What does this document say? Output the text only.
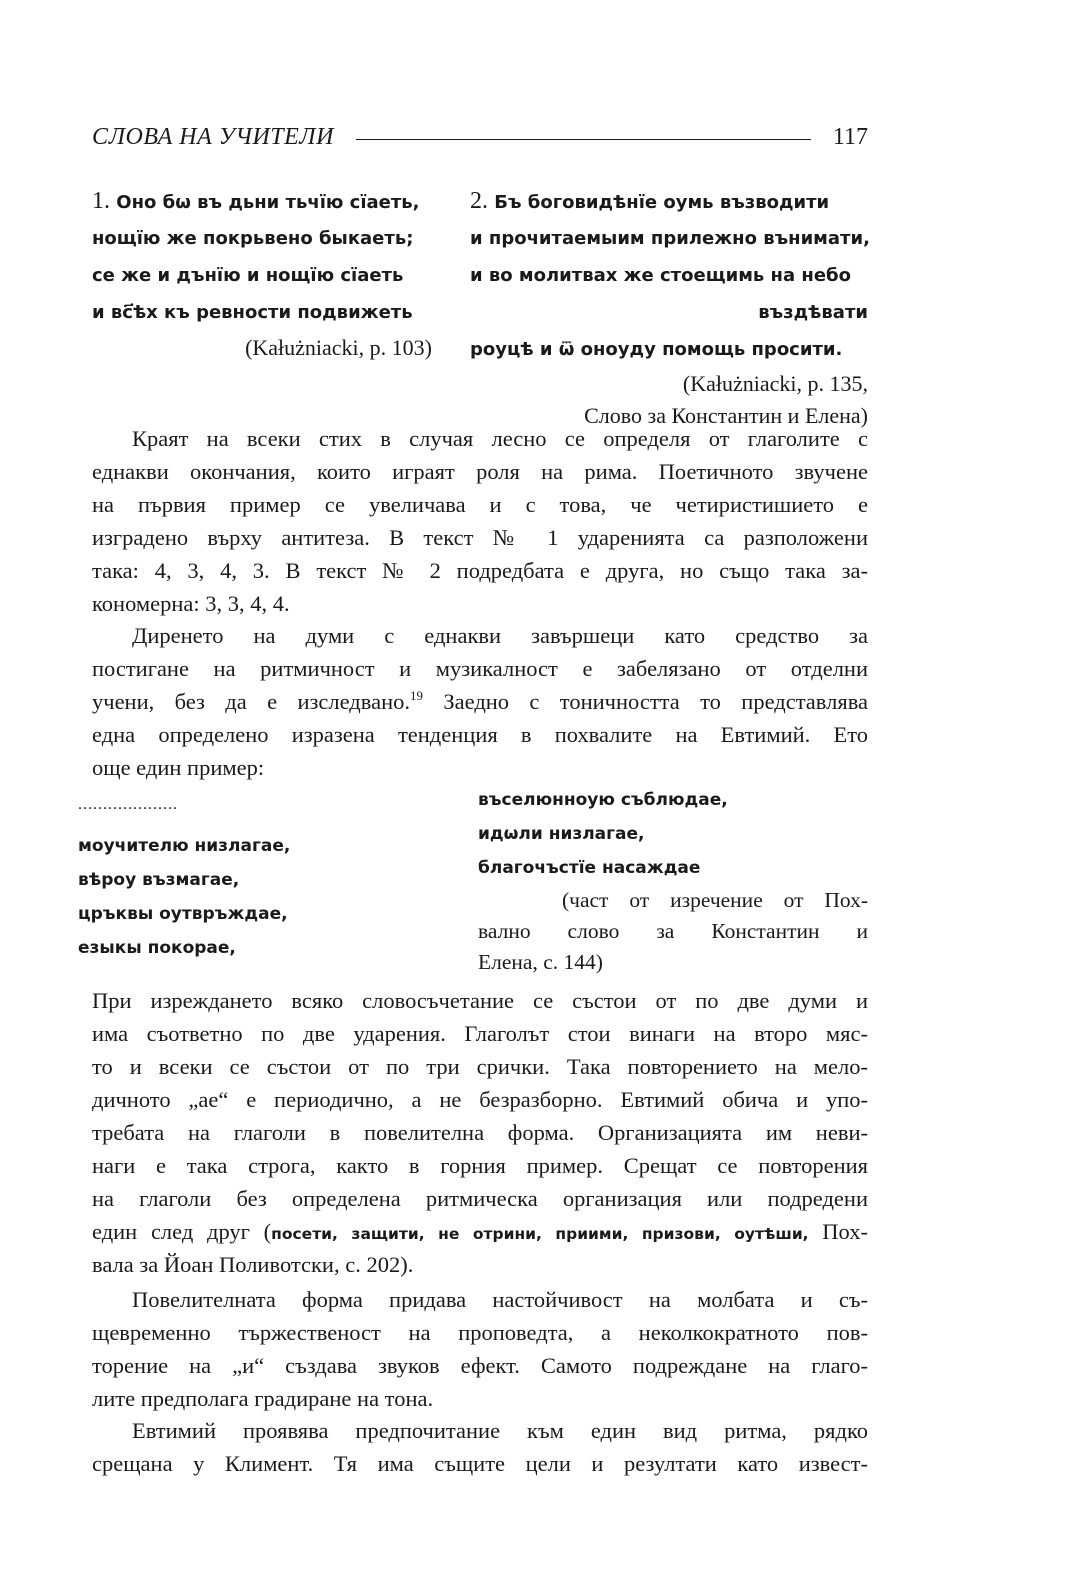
СЛОВА НА УЧИТЕЛИ	117
1. Оно бѡ въ дьни тьчїю сїаеть,
нощїю же покрьвено быкаеть;
се же и дънїю и нощїю сїаеть
и вс҃ѣх къ ревности подвижеть
(Kałużniacki, p. 103)
2. Бъ боговидѣнїе оумь възводити
и прочитаемыим прилежно вънимати,
и во молитвах же стоещимь на небо
въздѣвати
роуцѣ и ѿ оноуду помощь просити.
(Kałużniacki, p. 135,
Слово за Константин и Елена)
Краят на всеки стих в случая лесно се определя от глаголите с
еднакви окончания, които играят роля на рима. Поетичното звучене
на първия пример се увеличава и с това, че четиристишието е
изградено върху антитеза. В текст № 1 ударенията са разположени
така: 4, 3, 4, 3. В текст № 2 подредбата е друга, но също така за-
кономерна: 3, 3, 4, 4.
Диренето на думи с еднакви завършеци като средство за
постигане на ритмичност и музикалност е забелязано от отделни
учени, без да е изследвано.$^{19}$ Заедно с тоничността то представлява
една определено изразена тенденция в похвалите на Евтимий. Ето
още един пример:
....................
моучителю низлагае,
вѣроу възмагае,
цръквы оутвръждае,
езыкы покорае,
въселюнноую съблюдае,
идѡли низлагае,
благочъстїе насаждае
(част от изречение от Пох-
вално слово за Константин и
Елена, с. 144)
При изреждането всяко словосъчетание се състои от по две думи и
има съответно по две ударения. Глаголът стои винаги на второ мяс-
то и всеки се състои от по три срички. Така повторението на мело-
дичното „ае“ е периодично, а не безразборно. Евтимий обича и упо-
требата на глаголи в повелителна форма. Организацията им неви-
наги е така строга, както в горния пример. Срещат се повторения
на глаголи без определена ритмическа организация или подредени
един след друг (посети, защити, не отрини, приими, призови, оутѣши, Пох-
вала за Йоан Поливотски, с. 202).
Повелителната форма придава настойчивост на молбата и съ-
щевременно тържественост на проповедта, а неколкократното пов-
торение на „и“ създава звуков ефект. Самото подреждане на глаго-
лите предполага градиране на тона.
Евтимий проявява предпочитание към един вид ритма, рядко
срещана у Климент. Тя има същите цели и резултати като извест-
